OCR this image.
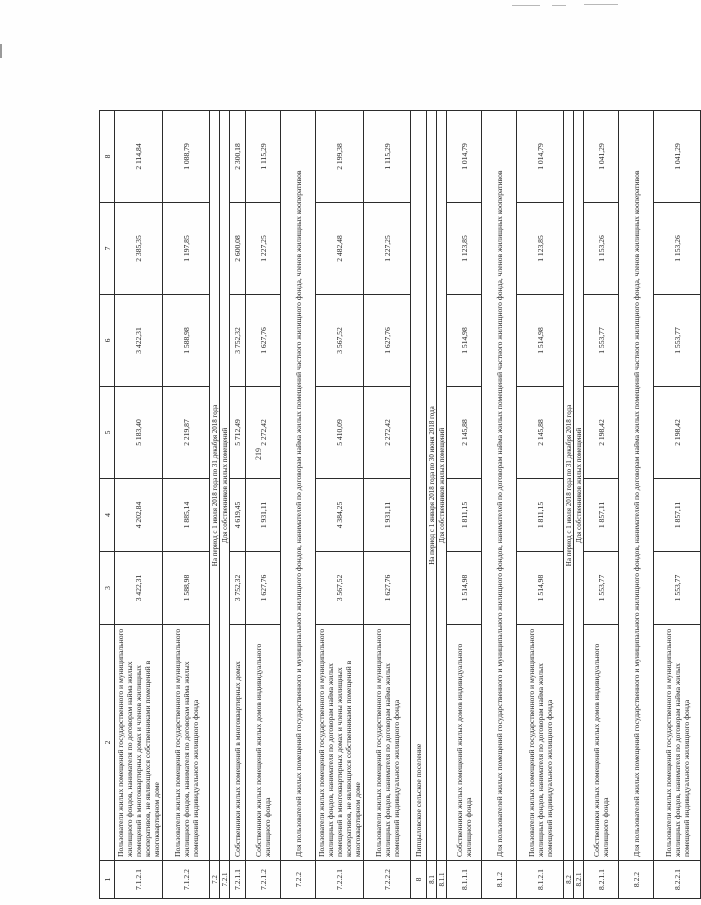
219
1	2	3	4	5	6	7	8
7.1.2.1	Пользователи жилых помещений государственного и муниципального жилищного фондов, нанимателя по договорам найма жилых помещений в многоквартирных домах и членов жилищных кооперативов, не являющихся собственниками помещений в многоквартирном доме	3 422,31	4 202,84	5 183,40	3 422,31	2 385,35	2 114,84
7.1.2.2	Пользователи жилых помещений государственного и муниципального жилищного фондов, нанимателя по договорам найма жилых помещений индивидуального жилищного фонда	1 588,98	1 885,14	2 219,87	1 588,98	1 197,85	1 088,79
7.2	На период с 1 июля 2018 года по 31 декабря 2018 года						
7.2.1	Для собственников жилых помещений						
7.2.1.1	Собственники жилых помещений в многоквартирных домах	3 752,32	4 619,45	5 712,49	3 752,32	2 600,08	2 300,18
7.2.1.2	Собственники жилых помещений жилых домов индивидуального жилищного фонда	1 627,76	1 931,11	2 272,42	1 627,76	1 227,25	1 115,29
7.2.2	Для пользователей жилых помещений государственного и муниципального жилищного фондов, нанимателей по договорам найма жилых помещений частного жилищного фонда, членов жилищных кооперативов						
7.2.2.1	Пользователи жилых помещений государственного и муниципального жилищных фондов, нанимателя по договорам найма жилых помещений в многоквартирных домах и члены жилищных кооперативов, не являющихся собственниками помещений в многоквартирном доме	3 567,52	4 384,25	5 410,09	3 567,52	2 482,48	2 199,38
7.2.2.2	Пользователи жилых помещений государственного и муниципального жилищных фондов, нанимателя по договорам найма жилых помещений индивидуального жилищного фонда	1 627,76	1 931,11	2 272,42	1 627,76	1 227,25	1 115,29
8	Пипцыловское сельское поселение						
8.1	На период с 1 января 2018 года по 30 июня 2018 года						
8.1.1	Для собственников жилых помещений						
8.1.1.1	Собственники жилых помещений жилых домов индивидуального жилищного фонда	1 514,98	1 811,15	2 145,88	1 514,98	1 123,85	1 014,79
8.1.2	Для пользователей жилых помещений государственного и муниципального жилищного фондов, нанимателей по договорам найма жилых помещений частного жилищного фонда, членов жилищных кооперативов						
8.1.2.1	Пользователи жилых помещений государственного и муниципального жилищных фондов, нанимателя по договорам найма жилых помещений индивидуального жилищного фонда	1 514,98	1 811,15	2 145,88	1 514,98	1 123,85	1 014,79
8.2	На период с 1 июля 2018 года по 31 декабря 2018 года						
8.2.1	Для собственников жилых помещений						
8.2.1.1	Собственники жилых помещений жилых домов индивидуального жилищного фонда	1 553,77	1 857,11	2 198,42	1 553,77	1 153,26	1 041,29
8.2.2	Для пользователей жилых помещений государственного и муниципального жилищного фондов, нанимателей по договорам найма жилых помещений частного жилищного фонда, членов жилищных кооперативов						
8.2.2.1	Пользователи жилых помещений государственного и муниципального жилищных фондов, нанимателя по договорам найма жилых помещений индивидуального жилищного фонда	1 553,77	1 857,11	2 198,42	1 553,77	1 153,26	1 041,29
